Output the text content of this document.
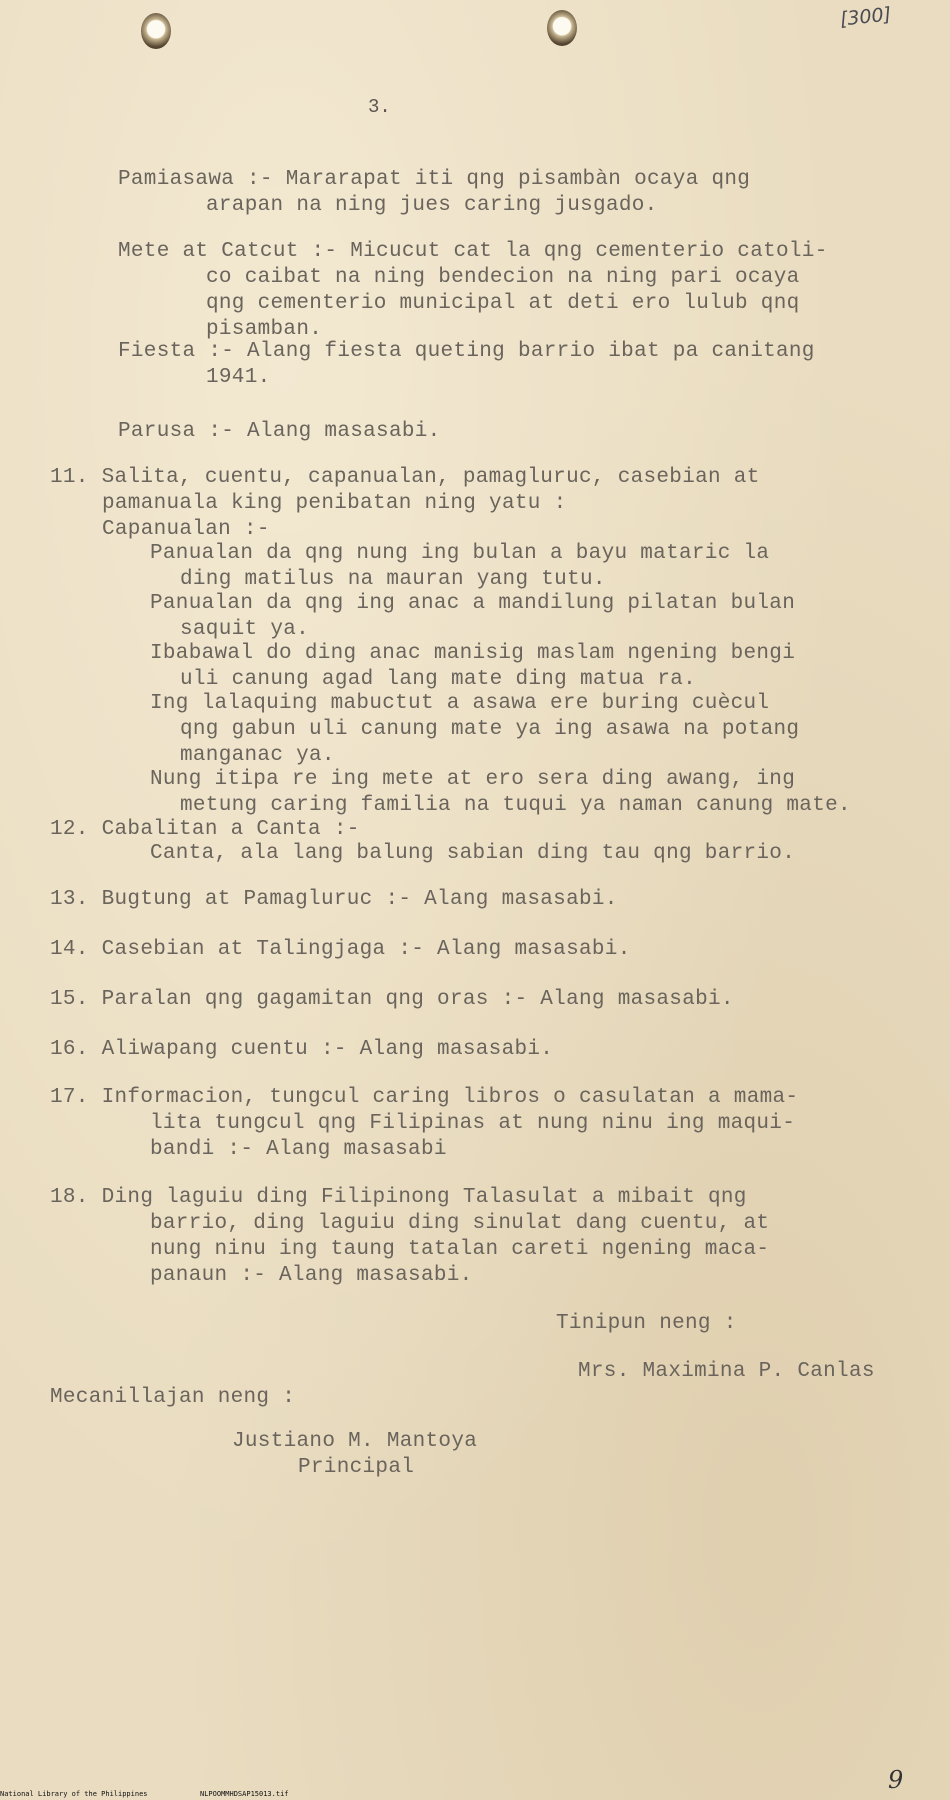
[300]
3.
Pamiasawa :- Mararapat iti qng pisambàn ocaya qng
arapan na ning jues caring jusgado.
Mete at Catcut :- Micucut cat la qng cementerio catoli-
co caibat na ning bendecion na ning pari ocaya
qng cementerio municipal at deti ero lulub qnq
pisamban.
Fiesta :- Alang fiesta queting barrio ibat pa canitang
1941.
Parusa :- Alang masasabi.
11. Salita, cuentu, capanualan, pamagluruc, casebian at
pamanuala king penibatan ning yatu :
Capanualan :-
Panualan da qng nung ing bulan a bayu mataric la
ding matilus na mauran yang tutu.
Panualan da qng ing anac a mandilung pilatan bulan
saquit ya.
Ibabawal do ding anac manisig maslam ngening bengi
uli canung agad lang mate ding matua ra.
Ing lalaquing mabuctut a asawa ere buring cuècul
qng gabun uli canung mate ya ing asawa na potang
manganac ya.
Nung itipa re ing mete at ero sera ding awang, ing
metung caring familia na tuqui ya naman canung mate.
12. Cabalitan a Canta :-
Canta, ala lang balung sabian ding tau qng barrio.
13. Bugtung at Pamagluruc :- Alang masasabi.
14. Casebian at Talingjaga :- Alang masasabi.
15. Paralan qng gagamitan qng oras :- Alang masasabi.
16. Aliwapang cuentu :- Alang masasabi.
17. Informacion, tungcul caring libros o casulatan a mama-
lita tungcul qng Filipinas at nung ninu ing maqui-
bandi :- Alang masasabi
18. Ding laguiu ding Filipinong Talasulat a mibait qng
barrio, ding laguiu ding sinulat dang cuentu, at
nung ninu ing taung tatalan careti ngening maca-
panaun :- Alang masasabi.
Tinipun neng :
Mrs. Maximina P. Canlas
Mecanillajan neng :
Justiano M. Mantoya
Principal
9
National Library of the Philippines	NLPOOMMHDSAP15013.tif
